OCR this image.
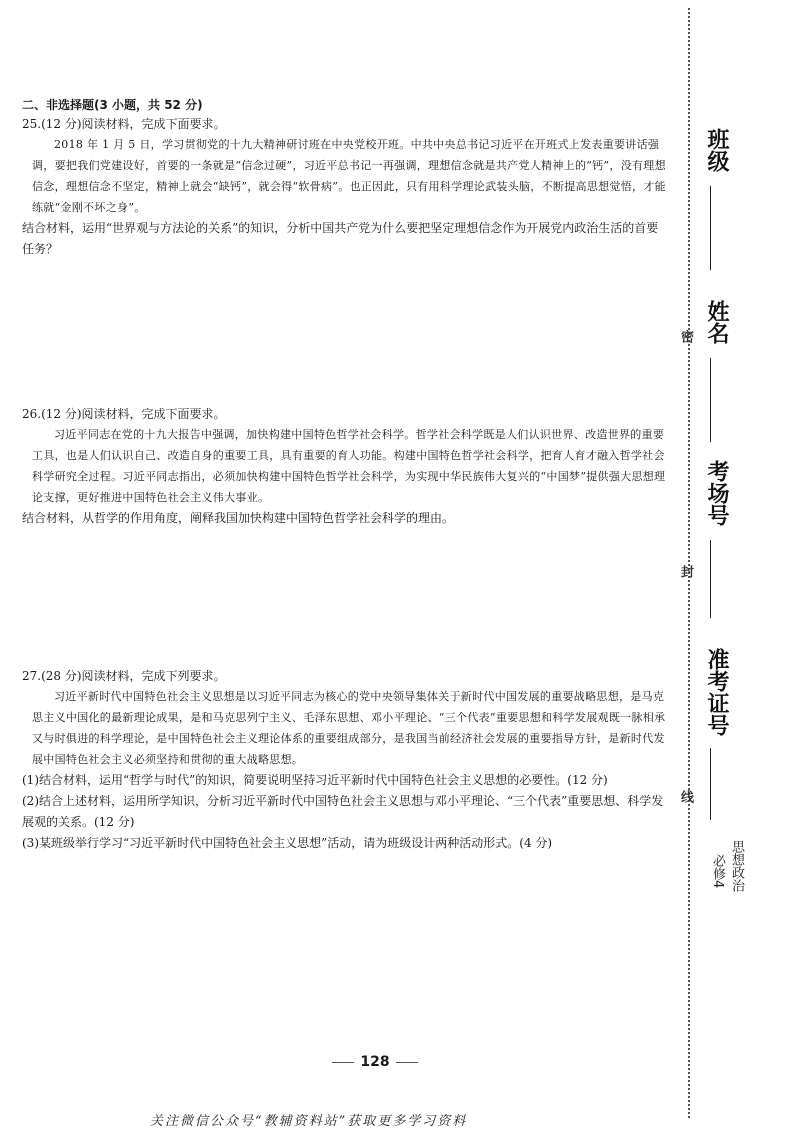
二、非选择题(3 小题，共 52 分)

25.(12 分)阅读材料，完成下面要求。

2018 年 1 月 5 日，学习贯彻党的十九大精神研讨班在中央党校开班。中共中央总书记习近平在开班式上发表重要讲话强调，要把我们党建设好，首要的一条就是“信念过硬”，习近平总书记一再强调，理想信念就是共产党人精神上的“钙”，没有理想信念，理想信念不坚定，精神上就会“缺钙”，就会得“软骨病”。也正因此，只有用科学理论武装头脑，不断提高思想觉悟，才能练就“金刚不坏之身”。

结合材料，运用“世界观与方法论的关系”的知识，分析中国共产党为什么要把坚定理想信念作为开展党内政治生活的首要任务？

26.(12 分)阅读材料，完成下面要求。

习近平同志在党的十九大报告中强调，加快构建中国特色哲学社会科学。哲学社会科学既是人们认识世界、改造世界的重要工具，也是人们认识自己、改造自身的重要工具，具有重要的育人功能。构建中国特色哲学社会科学，把育人育才融入哲学社会科学研究全过程。习近平同志指出，必须加快构建中国特色哲学社会科学，为实现中华民族伟大复兴的“中国梦”提供强大思想理论支撑，更好推进中国特色社会主义伟大事业。

结合材料，从哲学的作用角度，阐释我国加快构建中国特色哲学社会科学的理由。

27.(28 分)阅读材料，完成下列要求。

习近平新时代中国特色社会主义思想是以习近平同志为核心的党中央领导集体关于新时代中国发展的重要战略思想，是马克思主义中国化的最新理论成果，是和马克思列宁主义、毛泽东思想、邓小平理论、“三个代表”重要思想和科学发展观既一脉相承又与时俱进的科学理论，是中国特色社会主义理论体系的重要组成部分，是我国当前经济社会发展的重要指导方针，是新时代发展中国特色社会主义必须坚持和贯彻的重大战略思想。

(1)结合材料，运用“哲学与时代”的知识，简要说明坚持习近平新时代中国特色社会主义思想的必要性。(12 分)

(2)结合上述材料，运用所学知识，分析习近平新时代中国特色社会主义思想与邓小平理论、“三个代表”重要思想、科学发展观的关系。(12 分)

(3)某班级举行学习“习近平新时代中国特色社会主义思想”活动，请为班级设计两种活动形式。(4 分)

128
关注微信公众号“教辅资料站”获取更多学习资料
班级
姓名
考场号
准考证号
密
封
线
思想政治
必修4
